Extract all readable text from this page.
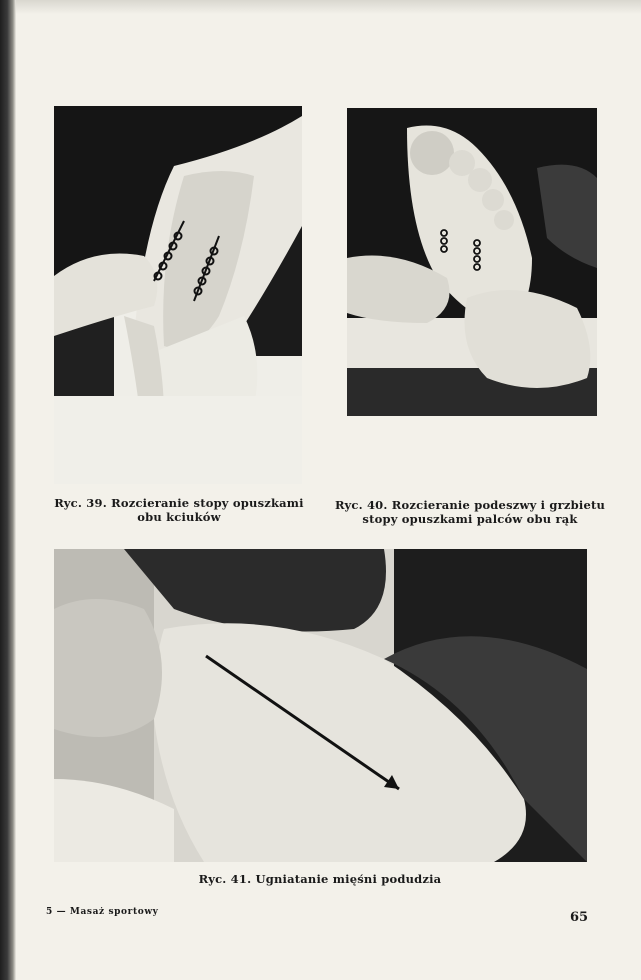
Ryc. 39. Rozcieranie stopy opuszkami
obu kciuków
Ryc. 40. Rozcieranie podeszwy i grzbietu
stopy opuszkami palców obu rąk
Ryc. 41. Ugniatanie mięśni podudzia
5 — Masaż sportowy	65
